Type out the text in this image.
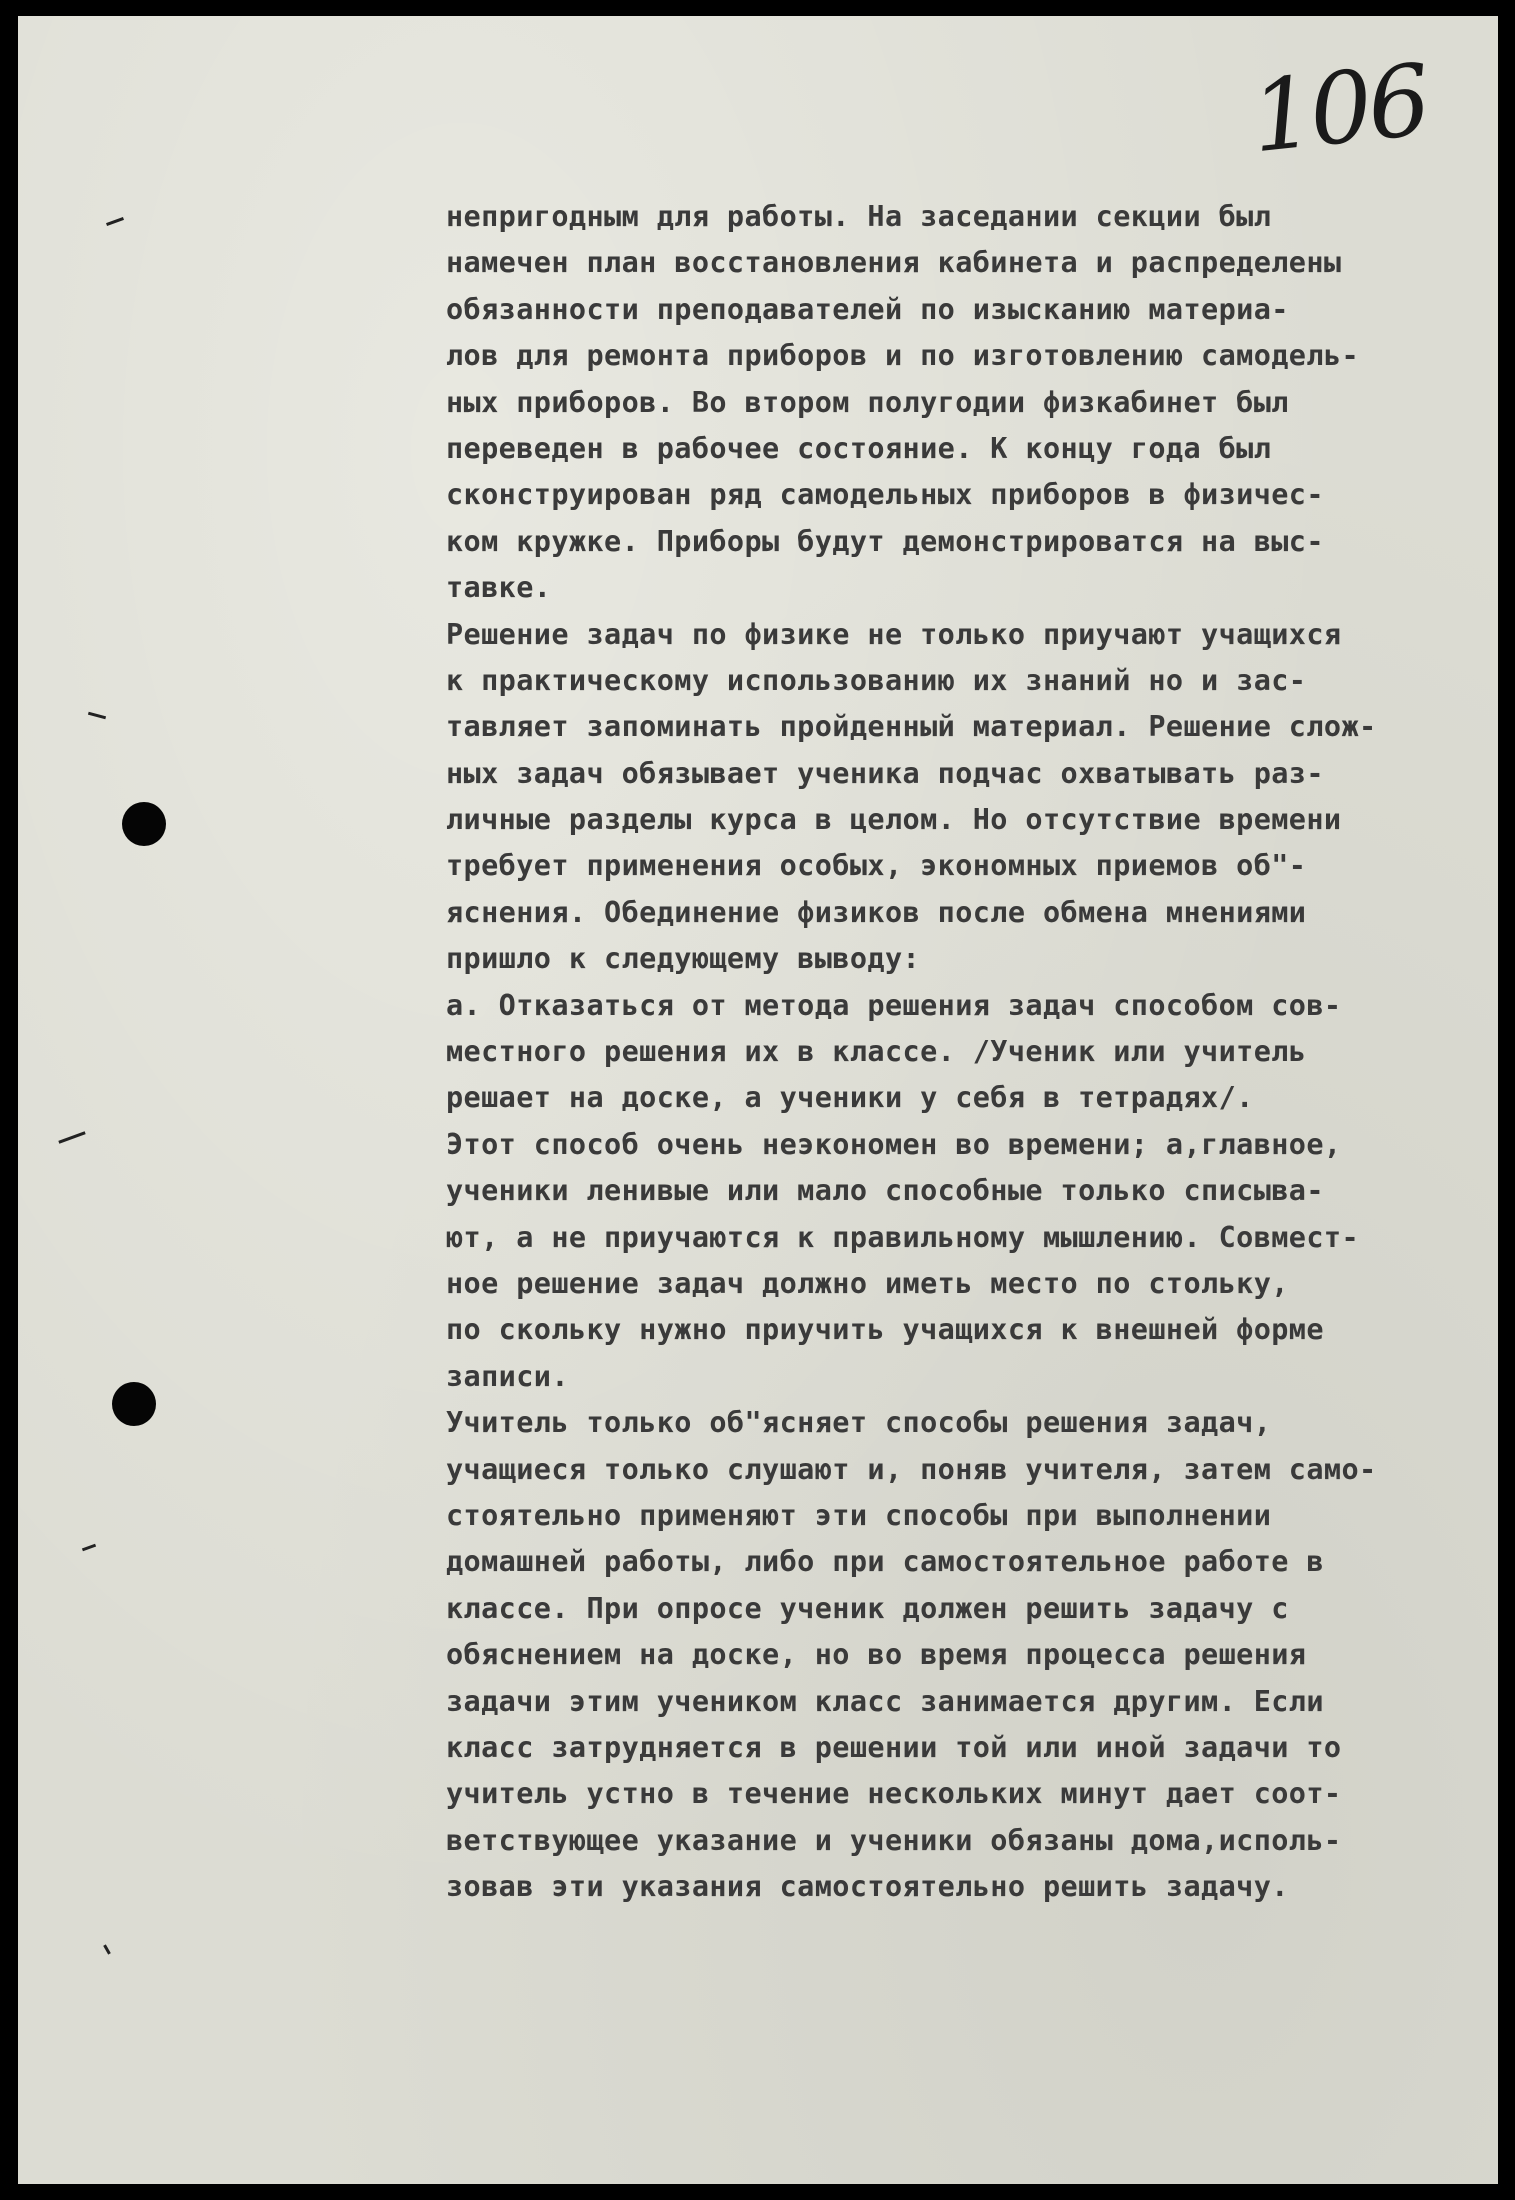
106
непригодным для работы. На заседании секции был
намечен план восстановления кабинета и распределены
обязанности преподавателей по изысканию материа-
лов для ремонта приборов и по изготовлению самодель-
ных приборов. Во втором полугодии физкабинет был
переведен в рабочее состояние. К концу года был
сконструирован ряд самодельных приборов в физичес-
ком кружке. Приборы будут демонстрироватся на выс-
тавке.
Решение задач по физике не только приучают учащихся
к практическому использованию их знаний но и зас-
тавляет запоминать пройденный материал. Решение слож-
ных задач обязывает ученика подчас охватывать раз-
личные разделы курса в целом. Но отсутствие времени
требует применения особых, экономных приемов об"-
яснения. Обединение физиков после обмена мнениями
пришло к следующему выводу:
а. Отказаться от метода решения задач способом сов-
местного решения их в классе. /Ученик или учитель
решает на доске, а ученики у себя в тетрадях/.
Этот способ очень неэкономен во времени; а,главное,
ученики ленивые или мало способные только списыва-
ют, а не приучаются к правильному мышлению. Совмест-
ное решение задач должно иметь место по стольку,
по скольку нужно приучить учащихся к внешней форме
записи.
Учитель только об"ясняет способы решения задач,
учащиеся только слушают и, поняв учителя, затем само-
стоятельно применяют эти способы при выполнении
домашней работы, либо при самостоятельное работе в
классе. При опросе ученик должен решить задачу с
обяснением на доске, но во время процесса решения
задачи этим учеником класс занимается другим. Если
класс затрудняется в решении той или иной задачи то
учитель устно в течение нескольких минут дает соот-
ветствующее указание и ученики обязаны дома,исполь-
зовав эти указания самостоятельно решить задачу.
